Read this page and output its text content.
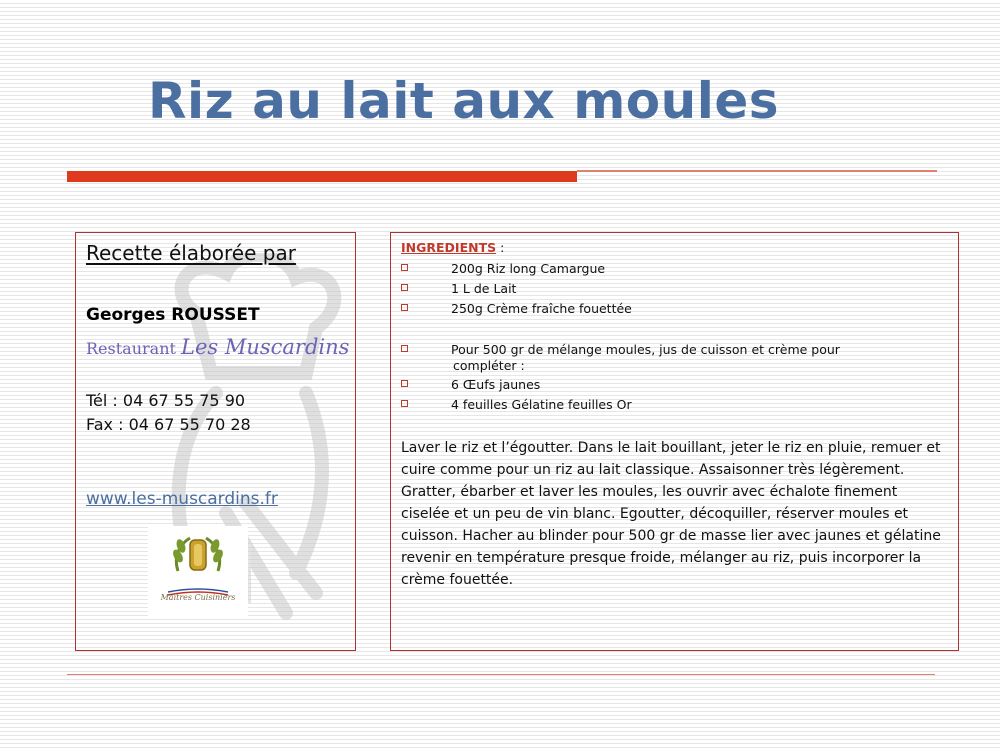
Riz au lait aux moules
Recette élaborée par
Georges ROUSSET
Restaurant Les Muscardins
Tél : 04 67 55 75 90
Fax : 04 67 55 70 28
www.les-muscardins.fr
Maîtres Cuisiniers
INGREDIENTS :
200g Riz long Camargue
1 L de Lait
250g Crème fraîche fouettée
Pour 500 gr de mélange moules, jus de cuisson et crème pour
compléter :
6 Œufs jaunes
4 feuilles Gélatine feuilles Or

Laver le riz et l’égoutter. Dans le lait bouillant, jeter le riz en pluie, remuer et cuire comme pour un riz au lait classique. Assaisonner très légèrement. Gratter, ébarber et laver les moules, les ouvrir avec échalote finement ciselée et un peu de vin blanc. Egoutter, décoquiller, réserver moules et cuisson. Hacher au blinder pour 500 gr de masse lier avec jaunes et gélatine revenir en température presque froide, mélanger au riz, puis incorporer la crème fouettée.
